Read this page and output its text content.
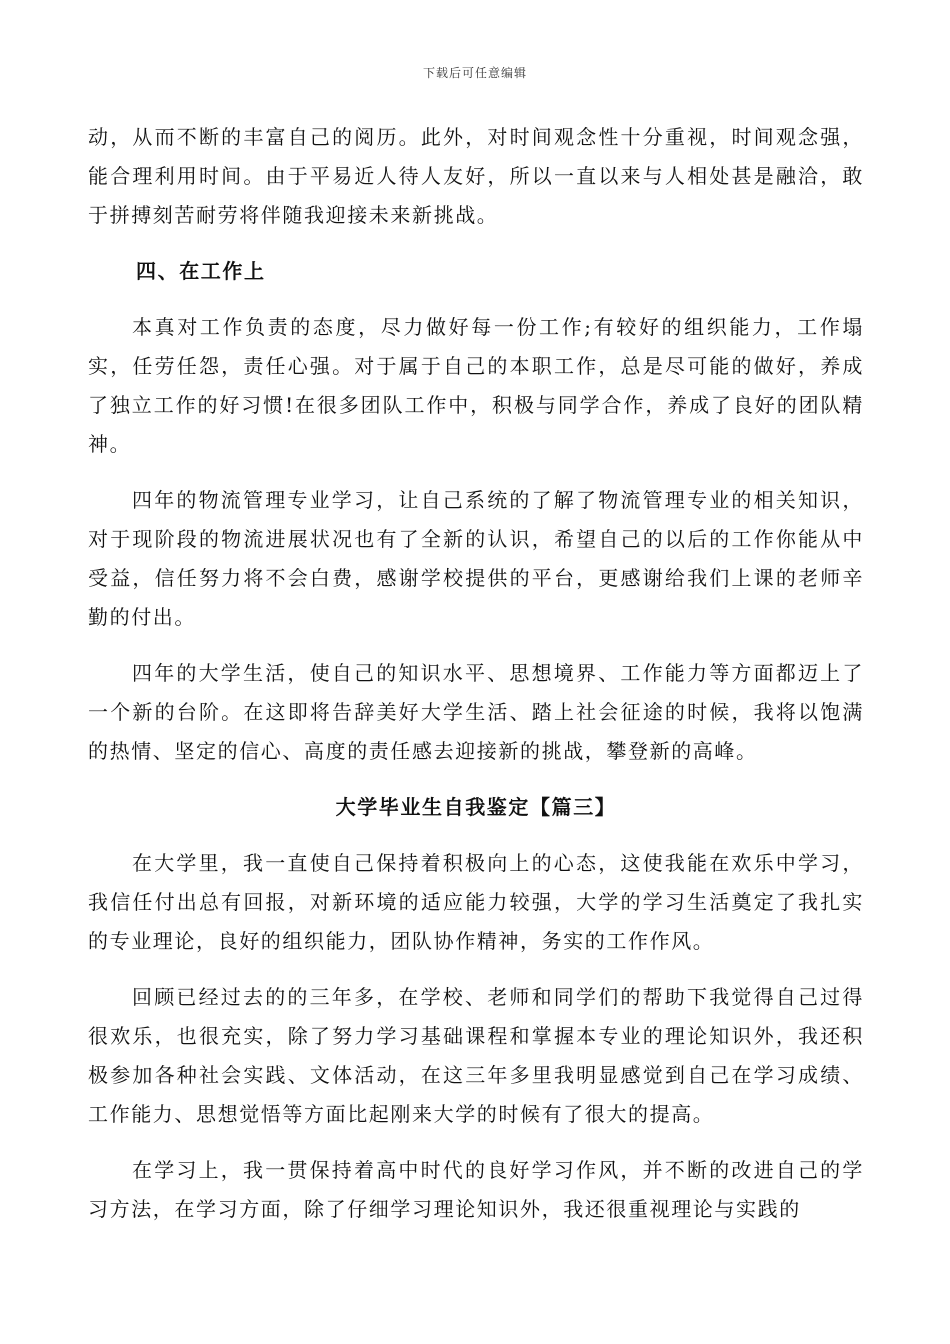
下载后可任意编辑

动，从而不断的丰富自己的阅历。此外，对时间观念性十分重视，时间观念强，能合理利用时间。由于平易近人待人友好，所以一直以来与人相处甚是融洽，敢于拼搏刻苦耐劳将伴随我迎接未来新挑战。

四、在工作上

本真对工作负责的态度，尽力做好每一份工作;有较好的组织能力，工作塌实，任劳任怨，责任心强。对于属于自己的本职工作，总是尽可能的做好，养成了独立工作的好习惯!在很多团队工作中，积极与同学合作，养成了良好的团队精神。

四年的物流管理专业学习，让自己系统的了解了物流管理专业的相关知识，对于现阶段的物流进展状况也有了全新的认识，希望自己的以后的工作你能从中受益，信任努力将不会白费，感谢学校提供的平台，更感谢给我们上课的老师辛勤的付出。

四年的大学生活，使自己的知识水平、思想境界、工作能力等方面都迈上了一个新的台阶。在这即将告辞美好大学生活、踏上社会征途的时候，我将以饱满的热情、坚定的信心、高度的责任感去迎接新的挑战，攀登新的高峰。

大学毕业生自我鉴定【篇三】

在大学里，我一直使自己保持着积极向上的心态，这使我能在欢乐中学习，我信任付出总有回报，对新环境的适应能力较强，大学的学习生活奠定了我扎实的专业理论，良好的组织能力，团队协作精神，务实的工作作风。

回顾已经过去的的三年多，在学校、老师和同学们的帮助下我觉得自己过得很欢乐，也很充实，除了努力学习基础课程和掌握本专业的理论知识外，我还积极参加各种社会实践、文体活动，在这三年多里我明显感觉到自己在学习成绩、工作能力、思想觉悟等方面比起刚来大学的时候有了很大的提高。

在学习上，我一贯保持着高中时代的良好学习作风，并不断的改进自己的学习方法，在学习方面，除了仔细学习理论知识外，我还很重视理论与实践的
